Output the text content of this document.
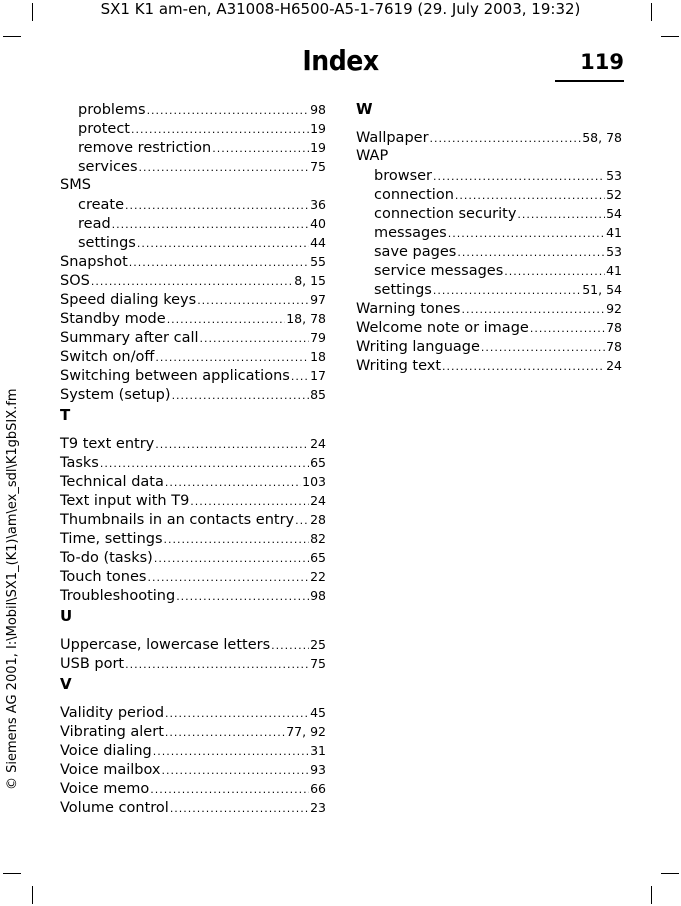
SX1 K1 am-en, A31008-H6500-A5-1-7619 (29. July 2003, 19:32)
Index	119
© Siemens AG 2001, I:\Mobil\SX1_(K1)\am\ex_sdl\K1gbSIX.fm
problems .....	98
protect .....	19
remove restriction .....	19
services .....	75
SMS
create .....	36
read .....	40
settings .....	44
Snapshot .....	55
SOS .....	8, 15
Speed dialing keys .....	97
Standby mode .....	18, 78
Summary after call .....	79
Switch on/off .....	18
Switching between applications ..... 17
System (setup) .....	85
T
T9 text entry .....	24
Tasks .....	65
Technical data .....	103
Text input with T9 .....	24
Thumbnails in an contacts entry ..... 28
Time, settings .....	82
To-do (tasks) .....	65
Touch tones .....	22
Troubleshooting .....	98
U
Uppercase, lowercase letters .....	25
USB port .....	75
V
Validity period .....	45
Vibrating alert .....	77, 92
Voice dialing .....	31
Voice mailbox .....	93
Voice memo .....	66
Volume control .....	23
W
Wallpaper .....	58, 78
WAP
browser .....	53
connection .....	52
connection security .....	54
messages .....	41
save pages .....	53
service messages .....	41
settings .....	51, 54
Warning tones .....	92
Welcome note or image .....	78
Writing language .....	78
Writing text .....	24
